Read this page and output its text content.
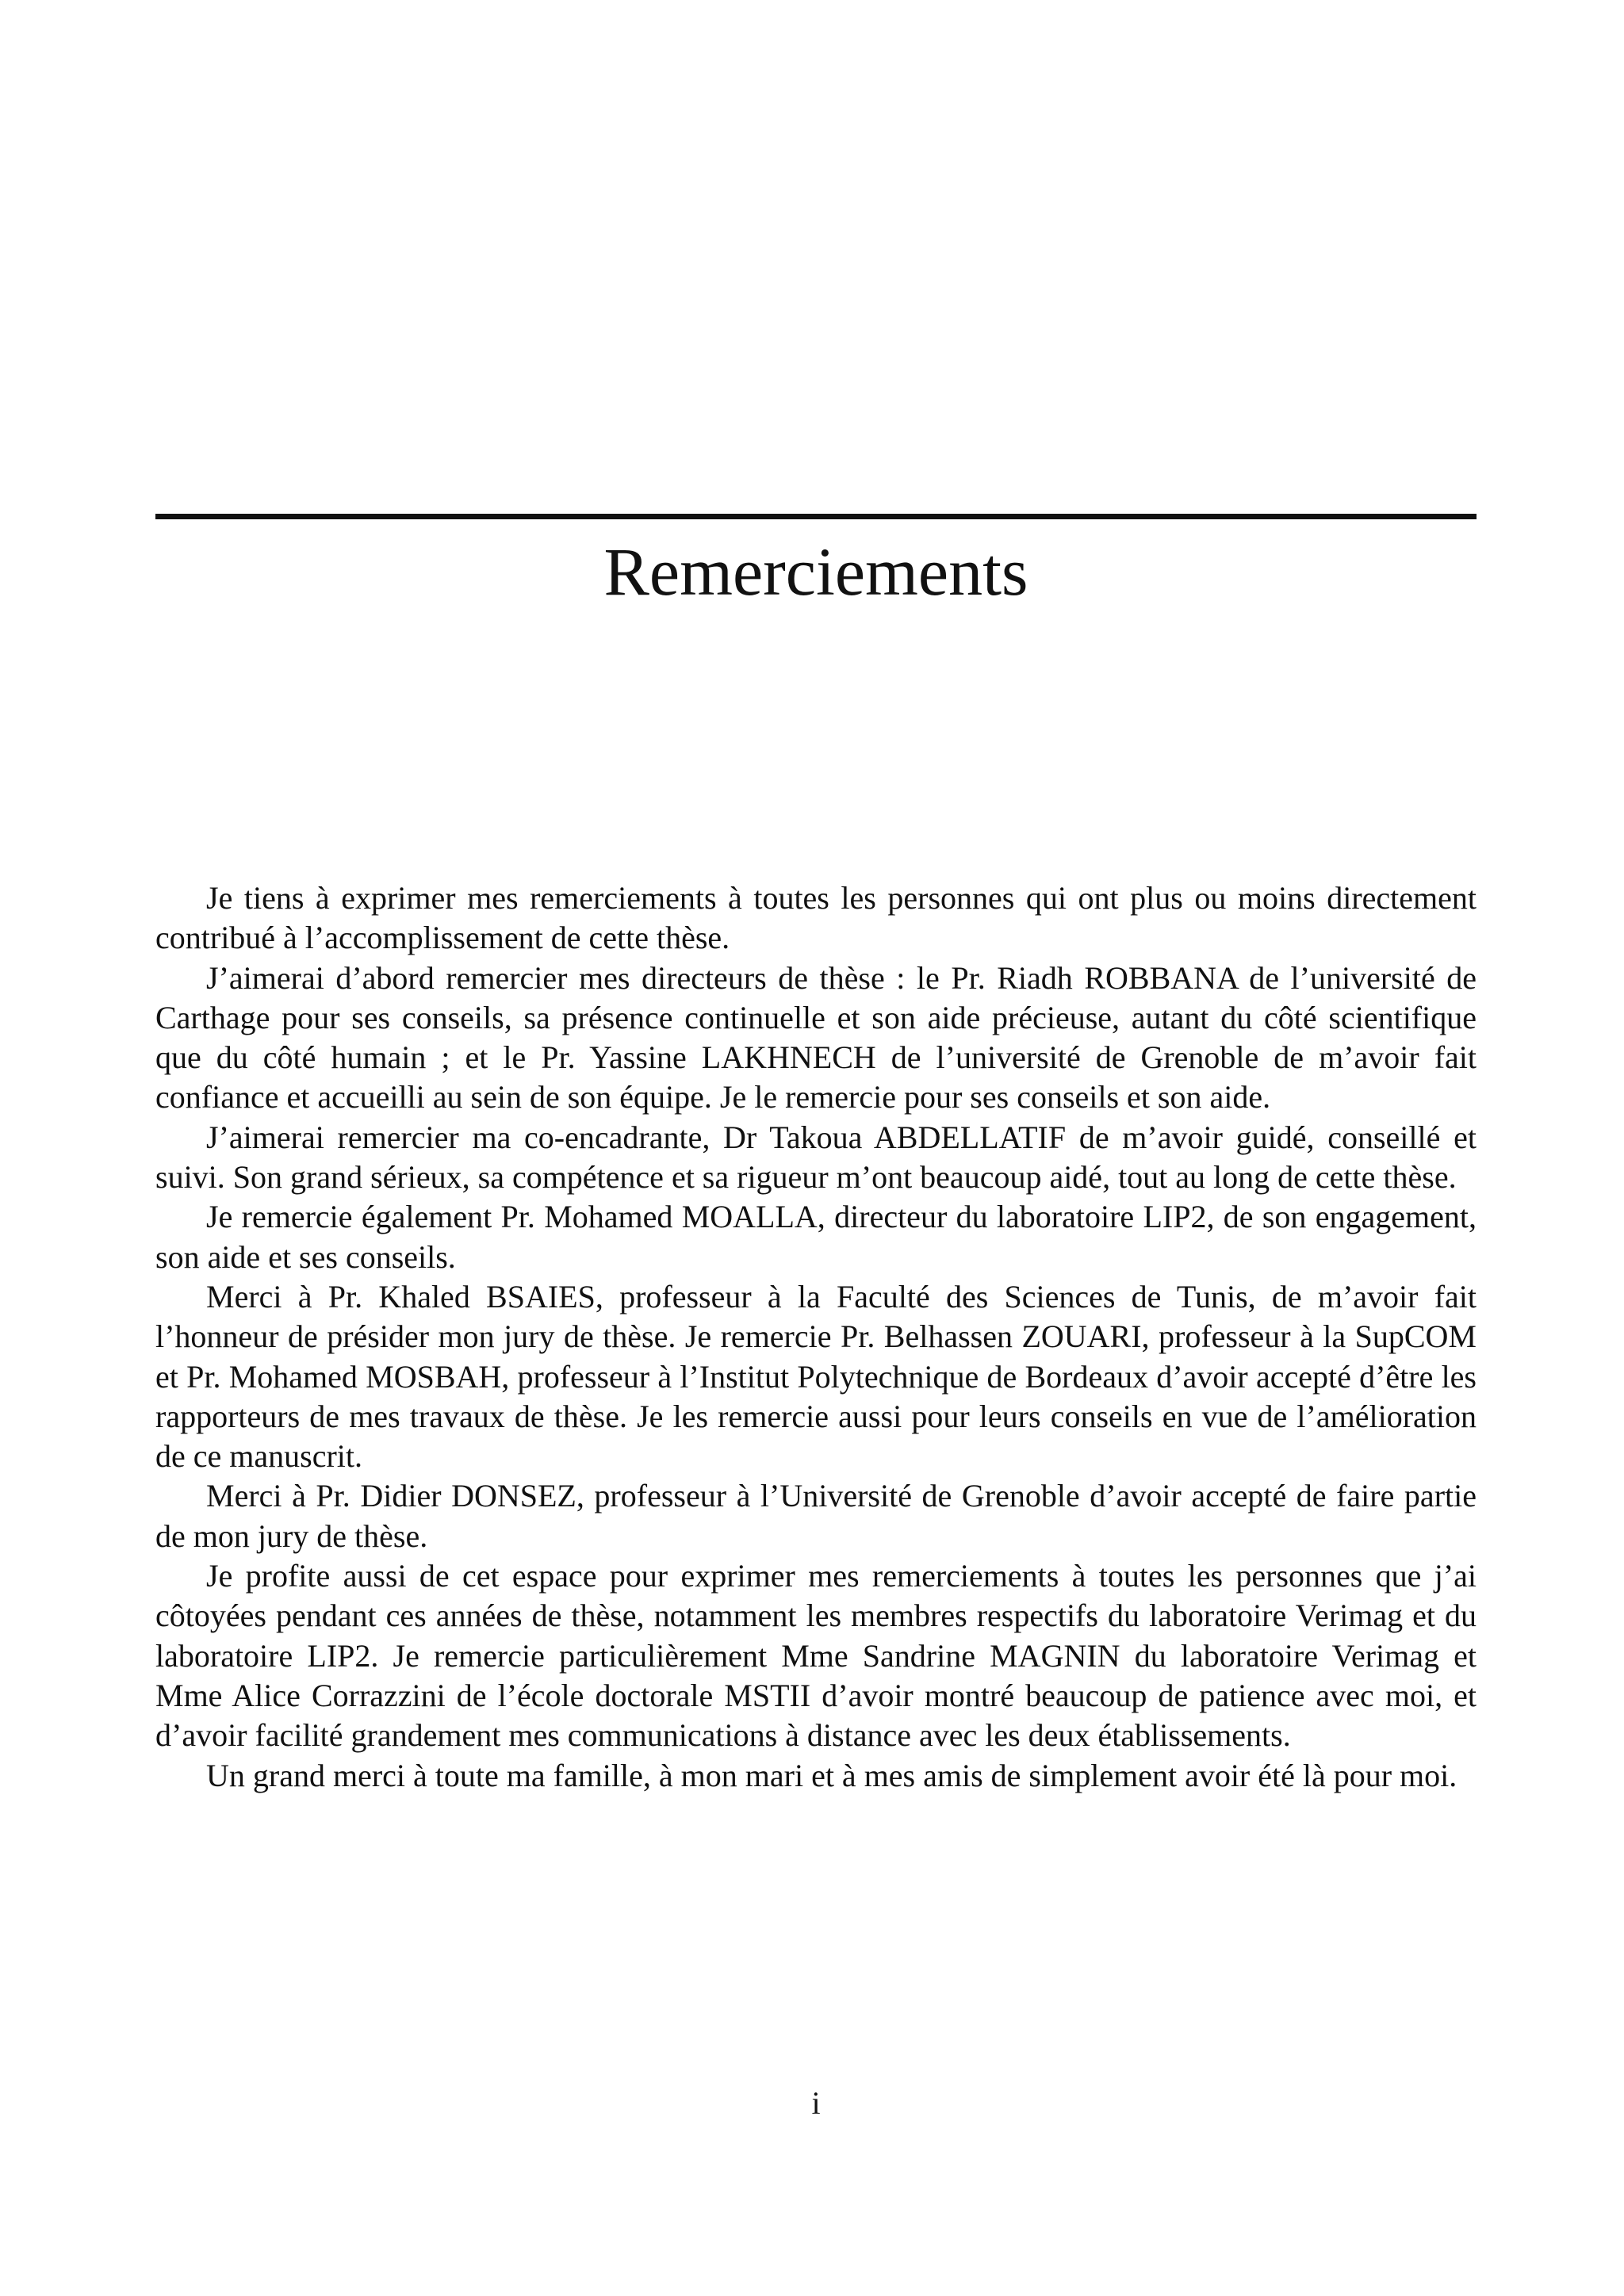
Remerciements

Je tiens à exprimer mes remerciements à toutes les personnes qui ont plus ou moins directement contribué à l’accomplissement de cette thèse.

J’aimerai d’abord remercier mes directeurs de thèse : le Pr. Riadh ROBBANA de l’université de Carthage pour ses conseils, sa présence continuelle et son aide précieuse, autant du côté scientifique que du côté humain ; et le Pr. Yassine LAKHNECH de l’université de Grenoble de m’avoir fait confiance et accueilli au sein de son équipe. Je le remercie pour ses conseils et son aide.

J’aimerai remercier ma co-encadrante, Dr Takoua ABDELLATIF de m’avoir guidé, conseillé et suivi. Son grand sérieux, sa compétence et sa rigueur m’ont beaucoup aidé, tout au long de cette thèse.

Je remercie également Pr. Mohamed MOALLA, directeur du laboratoire LIP2, de son engagement, son aide et ses conseils.

Merci à Pr. Khaled BSAIES, professeur à la Faculté des Sciences de Tunis, de m’avoir fait l’honneur de présider mon jury de thèse. Je remercie Pr. Belhassen ZOUARI, professeur à la SupCOM et Pr. Mohamed MOSBAH, professeur à l’Institut Polytechnique de Bordeaux d’avoir accepté d’être les rapporteurs de mes travaux de thèse. Je les remercie aussi pour leurs conseils en vue de l’amélioration de ce manuscrit.

Merci à Pr. Didier DONSEZ, professeur à l’Université de Grenoble d’avoir accepté de faire partie de mon jury de thèse.

Je profite aussi de cet espace pour exprimer mes remerciements à toutes les personnes que j’ai côtoyées pendant ces années de thèse, notamment les membres respectifs du laboratoire Verimag et du laboratoire LIP2. Je remercie particulièrement Mme Sandrine MAGNIN du laboratoire Verimag et Mme Alice Corrazzini de l’école doctorale MSTII d’avoir montré beaucoup de patience avec moi, et d’avoir facilité grandement mes communications à distance avec les deux établissements.

Un grand merci à toute ma famille, à mon mari et à mes amis de simplement avoir été là pour moi.

i
